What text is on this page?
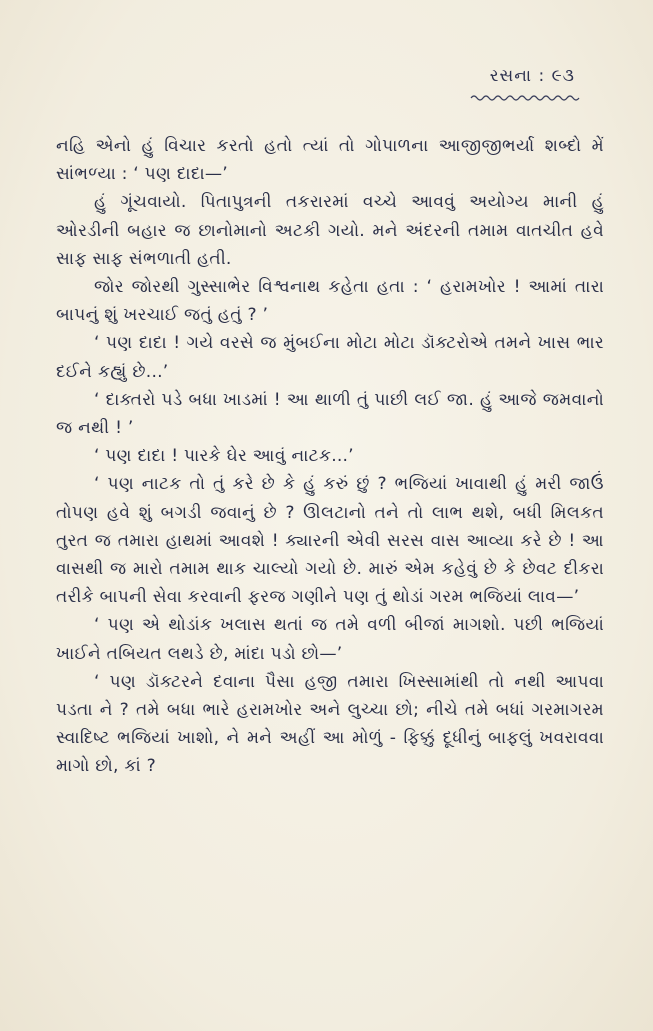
રસના : ૯૩

નહિ એનો હું વિચાર કરતો હતો ત્યાં તો ગોપાળના આજીજીભર્યા શબ્દો મેં સાંભળ્યા : ‘ પણ દાદા—’

હું ગૂંચવાયો. પિતાપુત્રની તકરારમાં વચ્ચે આવવું અયોગ્ય માની હું ઓરડીની બહાર જ છાનોમાનો અટકી ગયો. મને અંદરની તમામ વાતચીત હવે સાફ સાફ સંભળાતી હતી.

જોર જોરથી ગુસ્સાભેર વિશ્વનાથ કહેતા હતા : ‘ હરામખોર ! આમાં તારા બાપનું શું ખરચાઈ જતું હતું ? ’

‘ પણ દાદા ! ગયે વરસે જ મુંબઈના મોટા મોટા ડૉક્ટરોએ તમને ખાસ ભાર દઈને કહ્યું છે...’

‘ દાક્તરો પડે બધા ખાડમાં ! આ થાળી તું પાછી લઈ જા. હું આજે જમવાનો જ નથી ! ’

‘ પણ દાદા ! પારકે ઘેર આવું નાટક...’

‘ પણ નાટક તો તું કરે છે કે હું કરું છું ? ભજિયાં ખાવાથી હું મરી જાઉં તોપણ હવે શું બગડી જવાનું છે ? ઊલટાનો તને તો લાભ થશે, બધી મિલકત તુરત જ તમારા હાથમાં આવશે ! ક્યારની એવી સરસ વાસ આવ્યા કરે છે ! આ વાસથી જ મારો તમામ થાક ચાલ્યો ગયો છે. મારું એમ કહેવું છે કે છેવટ દીકરા તરીકે બાપની સેવા કરવાની ફરજ ગણીને પણ તું થોડાં ગરમ ભજિયાં લાવ—’

‘ પણ એ થોડાંક ખલાસ થતાં જ તમે વળી બીજાં માગશો. પછી ભજિયાં ખાઈને તબિયત લથડે છે, માંદા પડો છો—’

‘ પણ ડૉક્ટરને દવાના પૈસા હજી તમારા ખિસ્સામાંથી તો નથી આપવા પડતા ને ? તમે બધા ભારે હરામખોર અને લુચ્ચા છો; નીચે તમે બધાં ગરમાગરમ સ્વાદિષ્ટ ભજિયાં ખાશો, ને મને અહીં આ મોળું - ફિક્કું દૂધીનું બાફલું ખવરાવવા માગો છો, કાં ?
